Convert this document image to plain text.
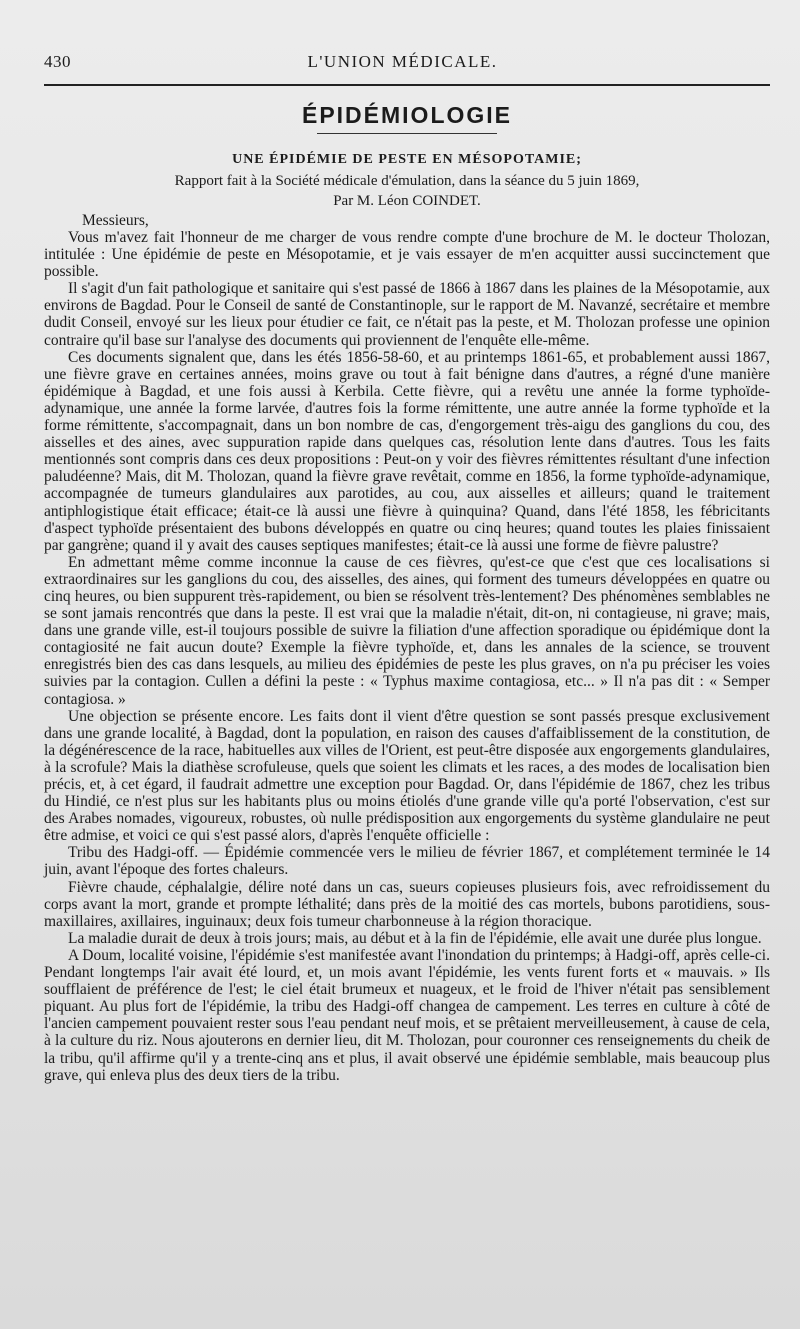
430	L'UNION MÉDICALE.
ÉPIDÉMIOLOGIE
UNE ÉPIDÉMIE DE PESTE EN MÉSOPOTAMIE;
Rapport fait à la Société médicale d'émulation, dans la séance du 5 juin 1869,
Par M. Léon COINDET.
Messieurs,

Vous m'avez fait l'honneur de me charger de vous rendre compte d'une brochure de M. le docteur Tholozan, intitulée : Une épidémie de peste en Mésopotamie, et je vais essayer de m'en acquitter aussi succinctement que possible.

Il s'agit d'un fait pathologique et sanitaire qui s'est passé de 1866 à 1867 dans les plaines de la Mésopotamie, aux environs de Bagdad. Pour le Conseil de santé de Constantinople, sur le rapport de M. Navanzé, secrétaire et membre dudit Conseil, envoyé sur les lieux pour étudier ce fait, ce n'était pas la peste, et M. Tholozan professe une opinion contraire qu'il base sur l'analyse des documents qui proviennent de l'enquête elle-même.

Ces documents signalent que, dans les étés 1856-58-60, et au printemps 1861-65, et probablement aussi 1867, une fièvre grave en certaines années, moins grave ou tout à fait bénigne dans d'autres, a régné d'une manière épidémique à Bagdad, et une fois aussi à Kerbila. Cette fièvre, qui a revêtu une année la forme typhoïde-adynamique, une année la forme larvée, d'autres fois la forme rémittente, une autre année la forme typhoïde et la forme rémittente, s'accompagnait, dans un bon nombre de cas, d'engorgement très-aigu des ganglions du cou, des aisselles et des aines, avec suppuration rapide dans quelques cas, résolution lente dans d'autres. Tous les faits mentionnés sont compris dans ces deux propositions : Peut-on y voir des fièvres rémittentes résultant d'une infection paludéenne? Mais, dit M. Tholozan, quand la fièvre grave revêtait, comme en 1856, la forme typhoïde-adynamique, accompagnée de tumeurs glandulaires aux parotides, au cou, aux aisselles et ailleurs; quand le traitement antiphlogistique était efficace; était-ce là aussi une fièvre à quinquina? Quand, dans l'été 1858, les fébricitants d'aspect typhoïde présentaient des bubons développés en quatre ou cinq heures; quand toutes les plaies finissaient par gangrène; quand il y avait des causes septiques manifestes; était-ce là aussi une forme de fièvre palustre?

En admettant même comme inconnue la cause de ces fièvres, qu'est-ce que c'est que ces localisations si extraordinaires sur les ganglions du cou, des aisselles, des aines, qui forment des tumeurs développées en quatre ou cinq heures, ou bien suppurent très-rapidement, ou bien se résolvent très-lentement? Des phénomènes semblables ne se sont jamais rencontrés que dans la peste. Il est vrai que la maladie n'était, dit-on, ni contagieuse, ni grave; mais, dans une grande ville, est-il toujours possible de suivre la filiation d'une affection sporadique ou épidémique dont la contagiosité ne fait aucun doute? Exemple la fièvre typhoïde, et, dans les annales de la science, se trouvent enregistrés bien des cas dans lesquels, au milieu des épidémies de peste les plus graves, on n'a pu préciser les voies suivies par la contagion. Cullen a défini la peste : « Typhus maxime contagiosa, etc... » Il n'a pas dit : « Semper contagiosa. »

Une objection se présente encore. Les faits dont il vient d'être question se sont passés presque exclusivement dans une grande localité, à Bagdad, dont la population, en raison des causes d'affaiblissement de la constitution, de la dégénérescence de la race, habituelles aux villes de l'Orient, est peut-être disposée aux engorgements glandulaires, à la scrofule? Mais la diathèse scrofuleuse, quels que soient les climats et les races, a des modes de localisation bien précis, et, à cet égard, il faudrait admettre une exception pour Bagdad. Or, dans l'épidémie de 1867, chez les tribus du Hindié, ce n'est plus sur les habitants plus ou moins étiolés d'une grande ville qu'a porté l'observation, c'est sur des Arabes nomades, vigoureux, robustes, où nulle prédisposition aux engorgements du système glandulaire ne peut être admise, et voici ce qui s'est passé alors, d'après l'enquête officielle :

Tribu des Hadgi-off. — Épidémie commencée vers le milieu de février 1867, et complétement terminée le 14 juin, avant l'époque des fortes chaleurs.

Fièvre chaude, céphalalgie, délire noté dans un cas, sueurs copieuses plusieurs fois, avec refroidissement du corps avant la mort, grande et prompte léthalité; dans près de la moitié des cas mortels, bubons parotidiens, sous-maxillaires, axillaires, inguinaux; deux fois tumeur charbonneuse à la région thoracique.

La maladie durait de deux à trois jours; mais, au début et à la fin de l'épidémie, elle avait une durée plus longue.

A Doum, localité voisine, l'épidémie s'est manifestée avant l'inondation du printemps; à Hadgi-off, après celle-ci. Pendant longtemps l'air avait été lourd, et, un mois avant l'épidémie, les vents furent forts et « mauvais. » Ils soufflaient de préférence de l'est; le ciel était brumeux et nuageux, et le froid de l'hiver n'était pas sensiblement piquant. Au plus fort de l'épidémie, la tribu des Hadgi-off changea de campement. Les terres en culture à côté de l'ancien campement pouvaient rester sous l'eau pendant neuf mois, et se prêtaient merveilleusement, à cause de cela, à la culture du riz. Nous ajouterons en dernier lieu, dit M. Tholozan, pour couronner ces renseignements du cheik de la tribu, qu'il affirme qu'il y a trente-cinq ans et plus, il avait observé une épidémie semblable, mais beaucoup plus grave, qui enleva plus des deux tiers de la tribu.
